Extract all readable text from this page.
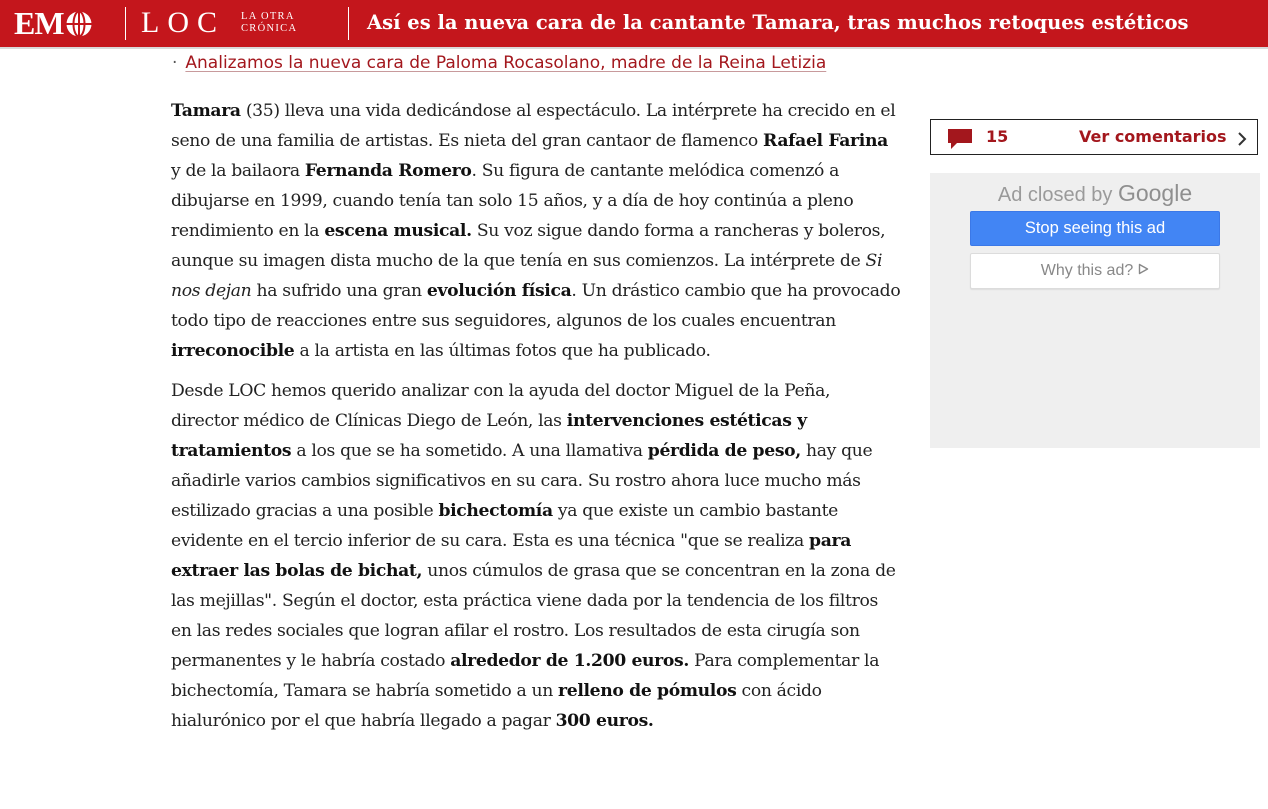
EM	LOC LA OTRA
CRÓNICA	Así es la nueva cara de la cantante Tamara, tras muchos retoques estéticos
· Analizamos la nueva cara de Paloma Rocasolano, madre de la Reina Letizia

Tamara (35) lleva una vida dedicándose al espectáculo. La intérprete ha crecido en el seno de una familia de artistas. Es nieta del gran cantaor de flamenco Rafael Farina y de la bailaora Fernanda Romero. Su figura de cantante melódica comenzó a dibujarse en 1999, cuando tenía tan solo 15 años, y a día de hoy continúa a pleno rendimiento en la escena musical. Su voz sigue dando forma a rancheras y boleros, aunque su imagen dista mucho de la que tenía en sus comienzos. La intérprete de Si nos dejan ha sufrido una gran evolución física. Un drástico cambio que ha provocado todo tipo de reacciones entre sus seguidores, algunos de los cuales encuentran irreconocible a la artista en las últimas fotos que ha publicado.

Desde LOC hemos querido analizar con la ayuda del doctor Miguel de la Peña, director médico de Clínicas Diego de León, las intervenciones estéticas y tratamientos a los que se ha sometido. A una llamativa pérdida de peso, hay que añadirle varios cambios significativos en su cara. Su rostro ahora luce mucho más estilizado gracias a una posible bichectomía ya que existe un cambio bastante evidente en el tercio inferior de su cara. Esta es una técnica "que se realiza para extraer las bolas de bichat, unos cúmulos de grasa que se concentran en la zona de las mejillas". Según el doctor, esta práctica viene dada por la tendencia de los filtros en las redes sociales que logran afilar el rostro. Los resultados de esta cirugía son permanentes y le habría costado alrededor de 1.200 euros. Para complementar la bichectomía, Tamara se habría sometido a un relleno de pómulos con ácido hialurónico por el que habría llegado a pagar 300 euros.

15	Ver comentarios
Ad closed by Google
Stop seeing this ad
Why this ad?
